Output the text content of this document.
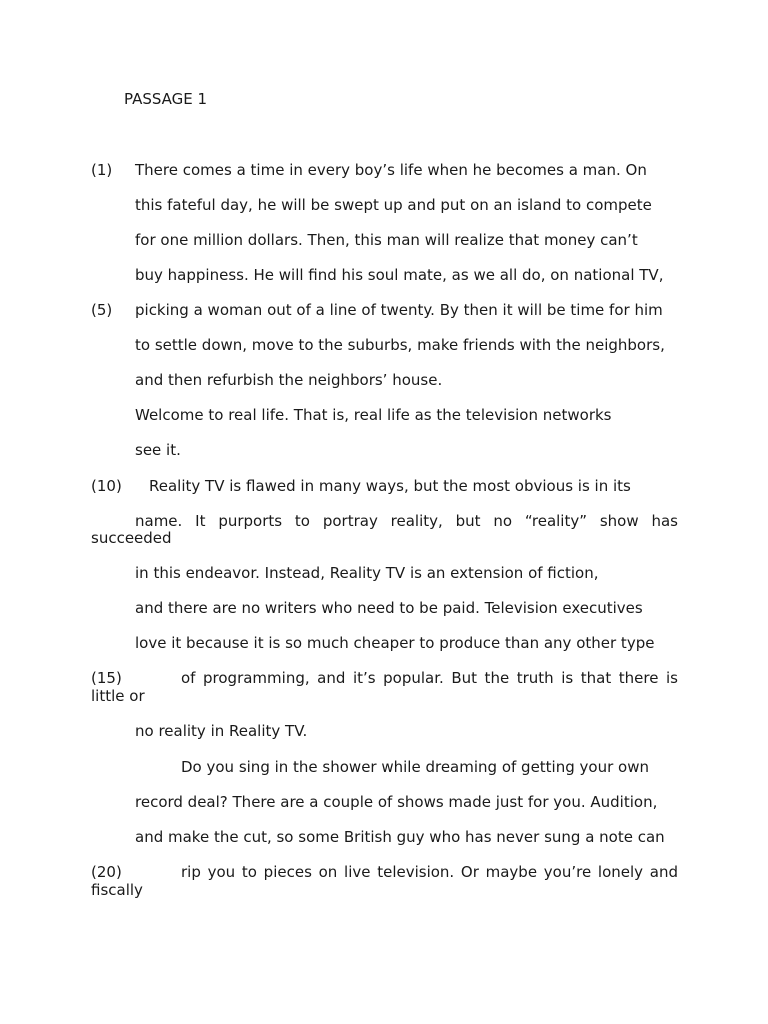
PASSAGE 1
(1) There comes a time in every boy’s life when he becomes a man. On
this fateful day, he will be swept up and put on an island to compete
for one million dollars. Then, this man will realize that money can’t
buy happiness. He will find his soul mate, as we all do, on national TV,
(5) picking a woman out of a line of twenty. By then it will be time for him
to settle down, move to the suburbs, make friends with the neighbors,
and then refurbish the neighbors’ house.
Welcome to real life. That is, real life as the television networks
see it.
(10) Reality TV is flawed in many ways, but the most obvious is in its
name. It purports to portray reality, but no “reality” show has
succeeded
in this endeavor. Instead, Reality TV is an extension of fiction,
and there are no writers who need to be paid. Television executives
love it because it is so much cheaper to produce than any other type
(15)	of programming, and it’s popular. But the truth is that there is
little or
no reality in Reality TV.
Do you sing in the shower while dreaming of getting your own
record deal? There are a couple of shows made just for you. Audition,
and make the cut, so some British guy who has never sung a note can
(20)	rip you to pieces on live television. Or maybe you’re lonely and
fiscally
